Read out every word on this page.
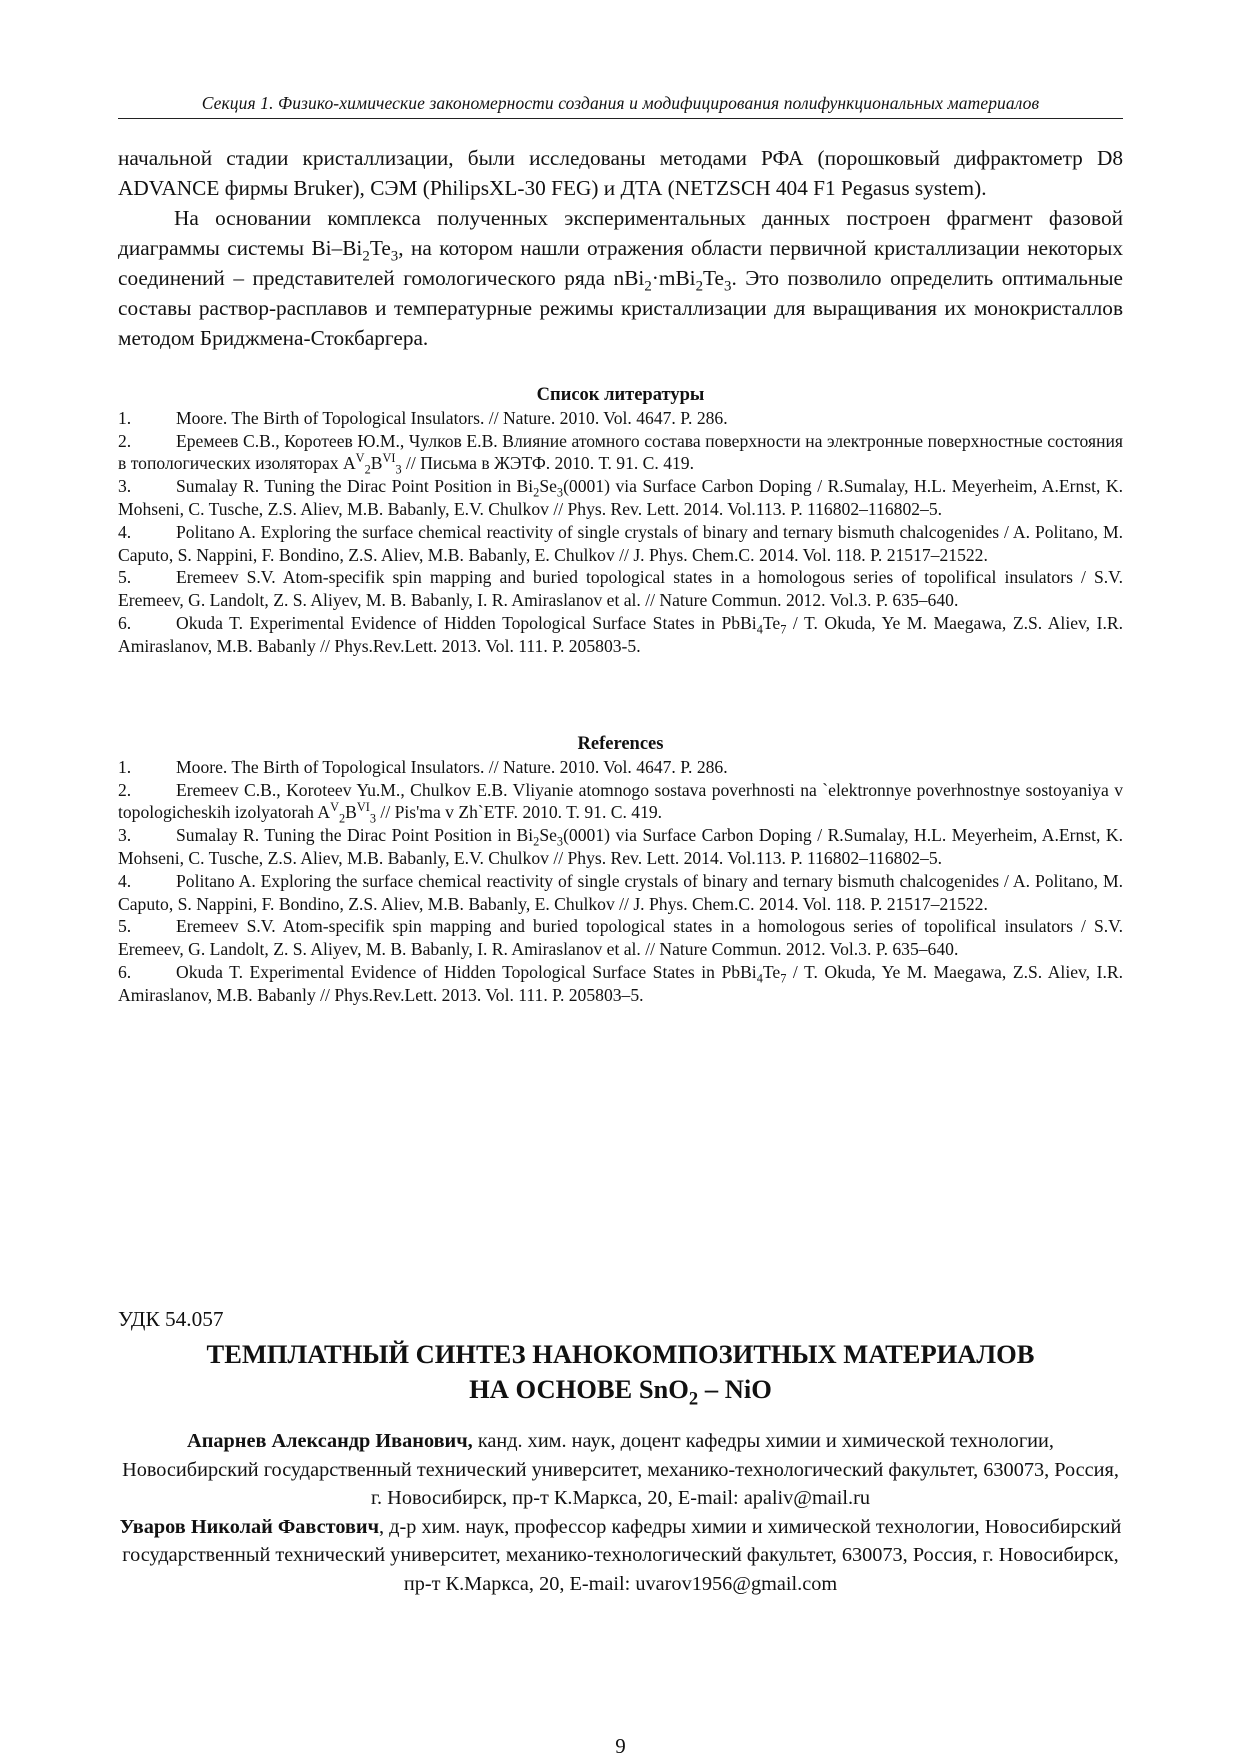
Секция 1. Физико-химические закономерности создания и модифицирования полифункциональных материалов

начальной стадии кристаллизации, были исследованы методами РФА (порошковый дифрактометр D8 ADVANCE фирмы Bruker), СЭМ (PhilipsXL-30 FEG) и ДТА (NETZSCH 404 F1 Pegasus system).

На основании комплекса полученных экспериментальных данных построен фрагмент фазовой диаграммы системы $Bi-Bi_2Te_3$, на котором нашли отражения области первичной кристаллизации некоторых соединений – представителей гомологического ряда $nBi_2\cdot mBi_2Te_3$. Это позволило определить оптимальные составы раствор-расплавов и температурные режимы кристаллизации для выращивания их монокристаллов методом Бриджмена-Стокбаргера.

Список литературы

1.	Moore. The Birth of Topological Insulators. // Nature. 2010. Vol. 4647. P. 286.

2.	Еремеев С.В., Коротеев Ю.М., Чулков Е.В. Влияние атомного состава поверхности на электронные поверхностные состояния в топологических изоляторах $A^V_2B^{VI}_3$ // Письма в ЖЭТФ. 2010. Т. 91. С. 419.

3.	Sumalay R. Tuning the Dirac Point Position in $Bi_2Se_3(0001)$ via Surface Carbon Doping / R.Sumalay, H.L. Meyerheim, A.Ernst, K. Mohseni, C. Tusche, Z.S. Aliev, M.B. Babanly, E.V. Chulkov // Phys. Rev. Lett. 2014. Vol.113. P. 116802–116802–5.

4.	Politano A. Exploring the surface chemical reactivity of single crystals of binary and ternary bismuth chalcogenides / A. Politano, M. Caputo, S. Nappini, F. Bondino, Z.S. Aliev, M.B. Babanly, E. Chulkov // J. Phys. Chem.C. 2014. Vol. 118. P. 21517–21522.

5.	Eremeev S.V. Atom-specifik spin mapping and buried topological states in a homologous series of topolifical insulators / S.V. Eremeev, G. Landolt, Z. S. Aliyev, M. B. Babanly, I. R. Amiraslanov et al. // Nature Commun. 2012. Vol.3. P. 635–640.

6.	Okuda T. Experimental Evidence of Hidden Topological Surface States in $PbBi_4Te_7$ / T. Okuda, Ye M. Maegawa, Z.S. Aliev, I.R. Amiraslanov, M.B. Babanly // Phys.Rev.Lett. 2013. Vol. 111. P. 205803-5.

References

1.	Moore. The Birth of Topological Insulators. // Nature. 2010. Vol. 4647. P. 286.

2.	Eremeev C.B., Koroteev Yu.M., Chulkov E.B. Vliyanie atomnogo sostava poverhnosti na `elektronnye poverhnostnye sostoyaniya v topologicheskih izolyatorah $A^V_2B^{VI}_3 // Pis'ma$ v Zh`ETF. 2010. T. 91. C. 419.

3.	Sumalay R. Tuning the Dirac Point Position in $Bi_2Se_3(0001)$ via Surface Carbon Doping / R.Sumalay, H.L. Meyerheim, A.Ernst, K. Mohseni, C. Tusche, Z.S. Aliev, M.B. Babanly, E.V. Chulkov // Phys. Rev. Lett. 2014. Vol.113. P. 116802–116802–5.

4.	Politano A. Exploring the surface chemical reactivity of single crystals of binary and ternary bismuth chalcogenides / A. Politano, M. Caputo, S. Nappini, F. Bondino, Z.S. Aliev, M.B. Babanly, E. Chulkov // J. Phys. Chem.C. 2014. Vol. 118. P. 21517–21522.

5.	Eremeev S.V. Atom-specifik spin mapping and buried topological states in a homologous series of topolifical insulators / S.V. Eremeev, G. Landolt, Z. S. Aliyev, M. B. Babanly, I. R. Amiraslanov et al. // Nature Commun. 2012. Vol.3. P. 635–640.

6.	Okuda T. Experimental Evidence of Hidden Topological Surface States in $PbBi_4Te_7$ / T. Okuda, Ye M. Maegawa, Z.S. Aliev, I.R. Amiraslanov, M.B. Babanly // Phys.Rev.Lett. 2013. Vol. 111. P. 205803–5.

УДК 54.057
ТЕМПЛАТНЫЙ СИНТЕЗ НАНОКОМПОЗИТНЫХ МАТЕРИАЛОВ
НА ОСНОВЕ SnO$_2$ – NiO

Апарнев Александр Иванович, канд. хим. наук, доцент кафедры химии и химической технологии, Новосибирский государственный технический университет, механико-технологический факультет, 630073, Россия, г. Новосибирск, пр-т К.Маркса, 20, E-mail: apaliv@mail.ru

Уваров Николай Фавстович, д-р хим. наук, профессор кафедры химии и химической технологии, Новосибирский государственный технический университет, механико-технологический факультет, 630073, Россия, г. Новосибирск, пр-т К.Маркса, 20, E-mail: uvarov1956@gmail.com

9
